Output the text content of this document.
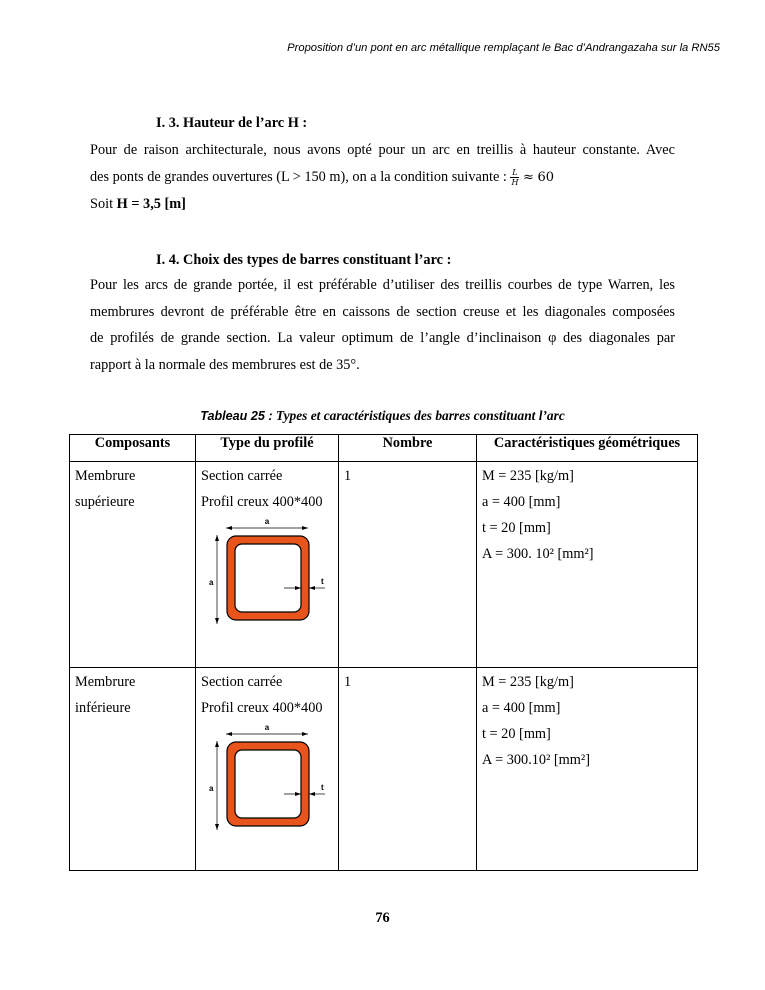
Proposition d’un pont en arc métallique remplaçant le Bac d’Andrangazaha sur la RN55
I. 3. Hauteur de l’arc H :
Pour de raison architecturale, nous avons opté pour un arc en treillis à hauteur constante. Avec
des ponts de grandes ouvertures (L > 150 m), on a la condition suivante : $\frac{L}{H} \approx 60$
Soit H = 3,5 [m]
I. 4. Choix des types de barres constituant l’arc :
Pour les arcs de grande portée, il est préférable d’utiliser des treillis courbes de type Warren, les
membrures devront de préférable être en caissons de section creuse et les diagonales composées
de profilés de grande section. La valeur optimum de l’angle d’inclinaison φ des diagonales par
rapport à la normale des membrures est de 35°.
Tableau 25 : Types et caractéristiques des barres constituant l’arc
Composants	Type du profilé	Nombre	Caractéristiques géométriques

Membrure
supérieure	Section carrée
Profil creux 400*400
a
a t	1	M = 235 [kg/m]
a = 400 [mm]
t = 20 [mm]
A = 300. 10² [mm²]

Membrure
inférieure	Section carrée
Profil creux 400*400
a
a t	1	M = 235 [kg/m]
a = 400 [mm]
t = 20 [mm]
A = 300.10² [mm²]
76
